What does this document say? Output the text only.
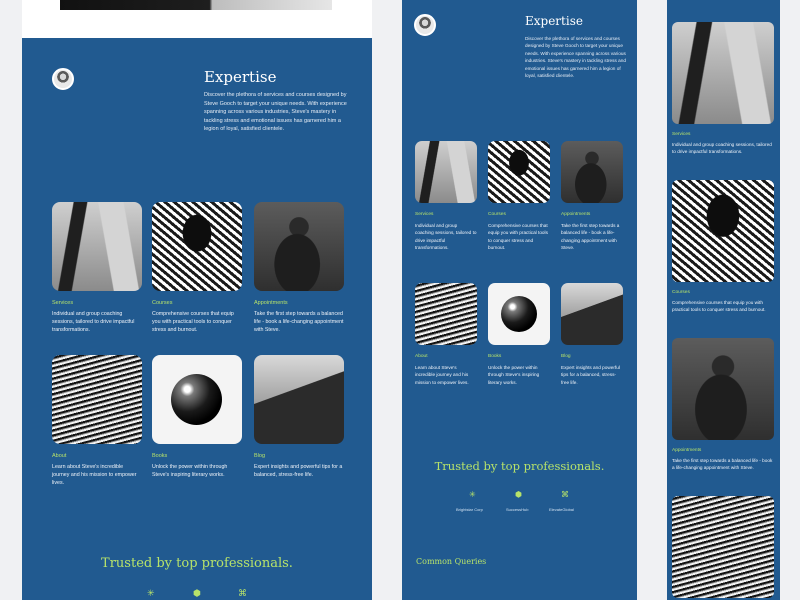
Expertise
Discover the plethora of services and courses designed by Steve Gooch to target your unique needs. With experience spanning across various industries, Steve's mastery in tackling stress and emotional issues has garnered him a legion of loyal, satisfied clientele.
Services
Individual and group coaching sessions, tailored to drive impactful transformations.
Courses
Comprehensive courses that equip you with practical tools to conquer stress and burnout.
Appointments
Take the first step towards a balanced life - book a life-changing appointment with Steve.
About
Learn about Steve's incredible journey and his mission to empower lives.
Books
Unlock the power within through Steve's inspiring literary works.
Blog
Expert insights and powerful tips for a balanced, stress-free life.
Trusted by top professionals.
✳	⬢	⌘
Expertise
Discover the plethora of services and courses designed by Steve Gooch to target your unique needs. With experience spanning across various industries. Steve's mastery in tackling stress and emotional issues has garnered him a legion of loyal, satisfied clientele.
Services
Individual and group coaching sessions, tailored to drive impactful transformations.
Courses
Comprehensive courses that equip you with practical tools to conquer stress and burnout.
Appointments
Take the first step towards a balanced life - book a life-changing appointment with Steve.
About
Learn about Steve's incredible journey and his mission to empower lives.
Books
Unlock the power within through Steve's inspiring literary works.
Blog
Expert insights and powerful tips for a balanced, stress-free life.
Trusted by top professionals.
✳
Brightstar Corp
⬢
SuccessHub
⌘
ElevateGlobal
Common Queries
Services
Individual and group coaching sessions, tailored to drive impactful transformations.
Courses
Comprehensive courses that equip you with practical tools to conquer stress and burnout.
Appointments
Take the first step towards a balanced life - book a life-changing appointment with Steve.
